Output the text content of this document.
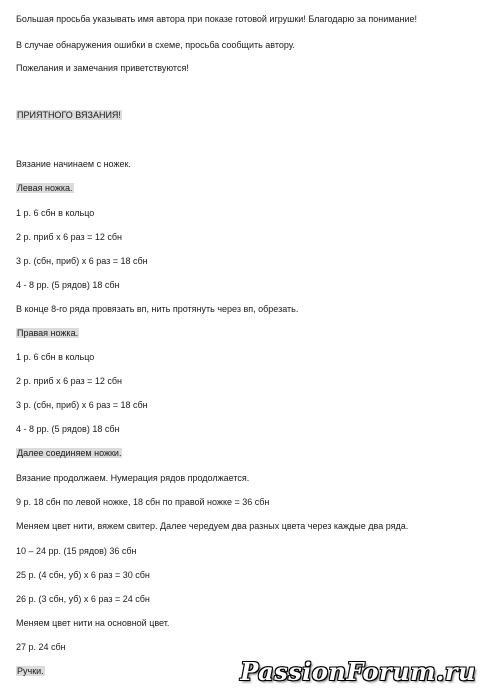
Большая просьба указывать имя автора при показе готовой игрушки! Благодарю за понимание!
В случае обнаружения ошибки в схеме, просьба сообщить автору.
Пожелания и замечания приветствуются!
ПРИЯТНОГО ВЯЗАНИЯ!
Вязание начинаем с ножек.
Левая ножка.
1 р. 6 сбн в кольцо
2 р. приб х 6 раз = 12 сбн
3 р. (сбн, приб) х 6 раз = 18 сбн
4 - 8 рр. (5 рядов) 18 сбн
В конце 8-го ряда провязать вп, нить протянуть через вп, обрезать.
Правая ножка.
1 р. 6 сбн в кольцо
2 р. приб х 6 раз = 12 сбн
3 р. (сбн, приб) х 6 раз = 18 сбн
4 - 8 рр. (5 рядов) 18 сбн
Далее соединяем ножки.
Вязание продолжаем. Нумерация рядов продолжается.
9 р. 18 сбн по левой ножке, 18 сбн по правой ножке = 36 сбн
Меняем цвет нити, вяжем свитер. Далее чередуем два разных цвета через каждые два ряда.
10 – 24 рр. (15 рядов) 36 сбн
25 р. (4 сбн, уб) х 6 раз = 30 сбн
26 р. (3 сбн, уб) х 6 раз = 24 сбн
Меняем цвет нити на основной цвет.
27 р. 24 сбн
Ручки.	PassionForum.ru
